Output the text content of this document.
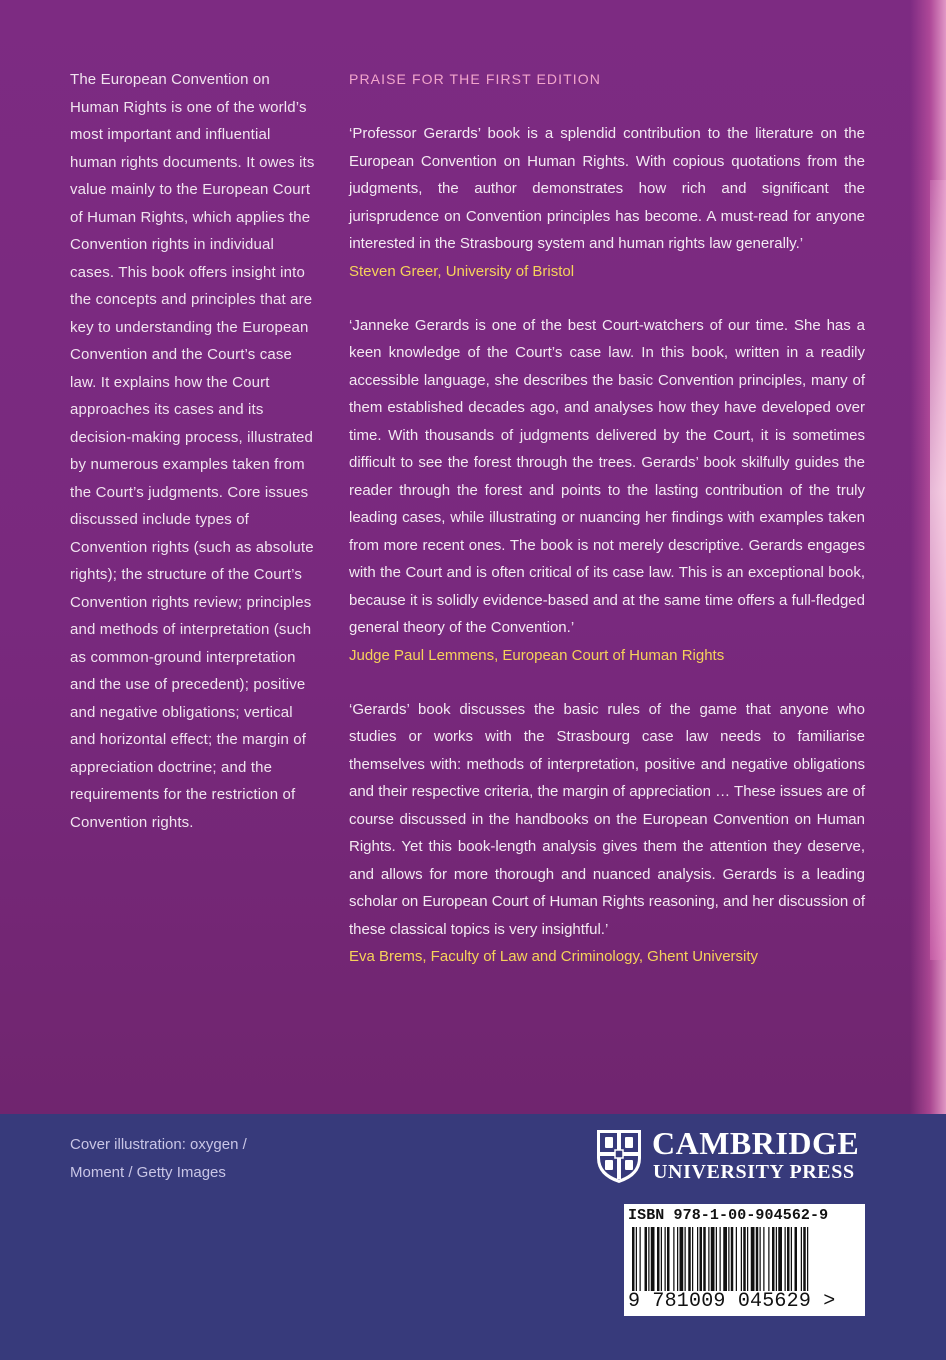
The European Convention on Human Rights is one of the world’s most important and influential human rights documents. It owes its value mainly to the European Court of Human Rights, which applies the Convention rights in individual cases. This book offers insight into the concepts and principles that are key to understanding the European Convention and the Court’s case law. It explains how the Court approaches its cases and its decision-making process, illustrated by numerous examples taken from the Court’s judgments. Core issues discussed include types of Convention rights (such as absolute rights); the structure of the Court’s Convention rights review; principles and methods of interpretation (such as common-ground interpretation and the use of precedent); positive and negative obligations; vertical and horizontal effect; the margin of appreciation doctrine; and the requirements for the restriction of Convention rights.

PRAISE FOR THE FIRST EDITION

‘Professor Gerards’ book is a splendid contribution to the literature on the European Convention on Human Rights. With copious quotations from the judgments, the author demonstrates how rich and significant the jurisprudence on Convention principles has become. A must-read for anyone interested in the Strasbourg system and human rights law generally.’

Steven Greer, University of Bristol

‘Janneke Gerards is one of the best Court-watchers of our time. She has a keen knowledge of the Court’s case law. In this book, written in a readily accessible language, she describes the basic Convention principles, many of them established decades ago, and analyses how they have developed over time. With thousands of judgments delivered by the Court, it is sometimes difficult to see the forest through the trees. Gerards’ book skilfully guides the reader through the forest and points to the lasting contribution of the truly leading cases, while illustrating or nuancing her findings with examples taken from more recent ones. The book is not merely descriptive. Gerards engages with the Court and is often critical of its case law. This is an exceptional book, because it is solidly evidence-based and at the same time offers a full-fledged general theory of the Convention.’

Judge Paul Lemmens, European Court of Human Rights

‘Gerards’ book discusses the basic rules of the game that anyone who studies or works with the Strasbourg case law needs to familiarise themselves with: methods of interpretation, positive and negative obligations and their respective criteria, the margin of appreciation … These issues are of course discussed in the handbooks on the European Convention on Human Rights. Yet this book-length analysis gives them the attention they deserve, and allows for more thorough and nuanced analysis. Gerards is a leading scholar on European Court of Human Rights reasoning, and her discussion of these classical topics is very insightful.’

Eva Brems, Faculty of Law and Criminology, Ghent University

Cover illustration: oxygen / Moment / Getty Images

CAMBRIDGE

UNIVERSITY PRESS

ISBN 978-1-00-904562-9

9 781009 045629 >
